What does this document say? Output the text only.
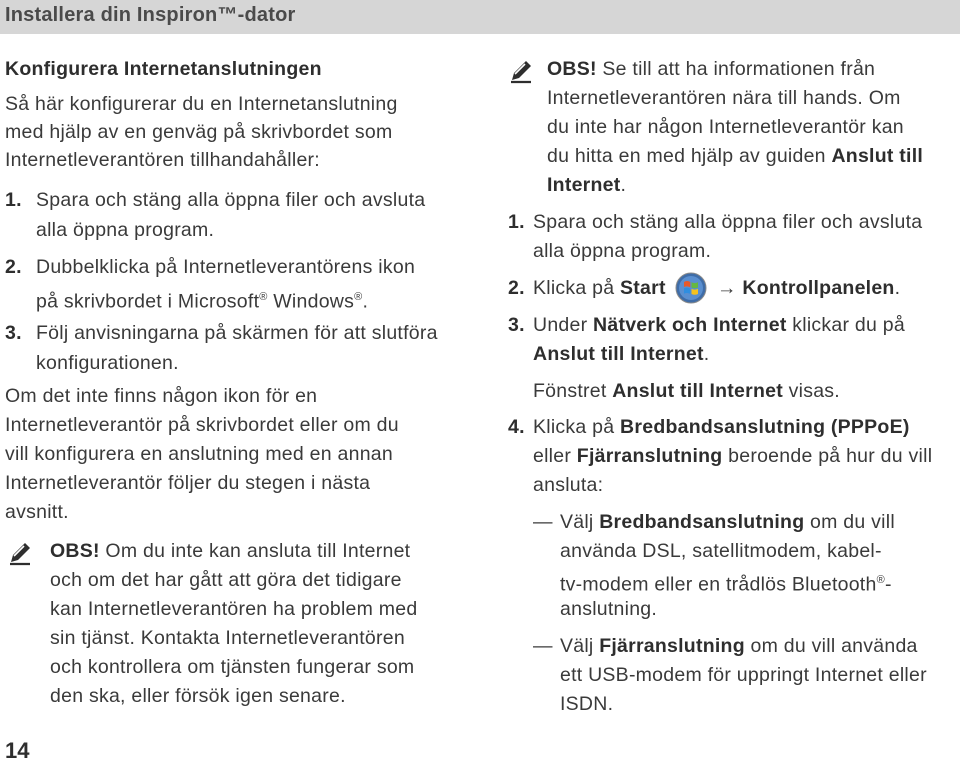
Installera din Inspiron™-dator
Konfigurera Internetanslutningen
Så här konfigurerar du en Internetanslutning
med hjälp av en genväg på skrivbordet som
Internetleverantören tillhandahåller:
1. Spara och stäng alla öppna filer och avsluta
alla öppna program.
2. Dubbelklicka på Internetleverantörens ikon
på skrivbordet i Microsoft® Windows®.
3. Följ anvisningarna på skärmen för att slutföra
konfigurationen.
Om det inte finns någon ikon för en
Internetleverantör på skrivbordet eller om du
vill konfigurera en anslutning med en annan
Internetleverantör följer du stegen i nästa
avsnitt.
OBS! Om du inte kan ansluta till Internet
och om det har gått att göra det tidigare
kan Internetleverantören ha problem med
sin tjänst. Kontakta Internetleverantören
och kontrollera om tjänsten fungerar som
den ska, eller försök igen senare.
14
OBS! Se till att ha informationen från
Internetleverantören nära till hands. Om
du inte har någon Internetleverantör kan
du hitta en med hjälp av guiden Anslut till
Internet.
1. Spara och stäng alla öppna filer och avsluta
alla öppna program.
2. Klicka på Start	→ Kontrollpanelen.
3. Under Nätverk och Internet klickar du på
Anslut till Internet.
Fönstret Anslut till Internet visas.
4. Klicka på Bredbandsanslutning (PPPoE)
eller Fjärranslutning beroende på hur du vill
ansluta:
— Välj Bredbandsanslutning om du vill
använda DSL, satellitmodem, kabel-
tv-modem eller en trådlös Bluetooth®-
anslutning.
— Välj Fjärranslutning om du vill använda
ett USB-modem för uppringt Internet eller
ISDN.
